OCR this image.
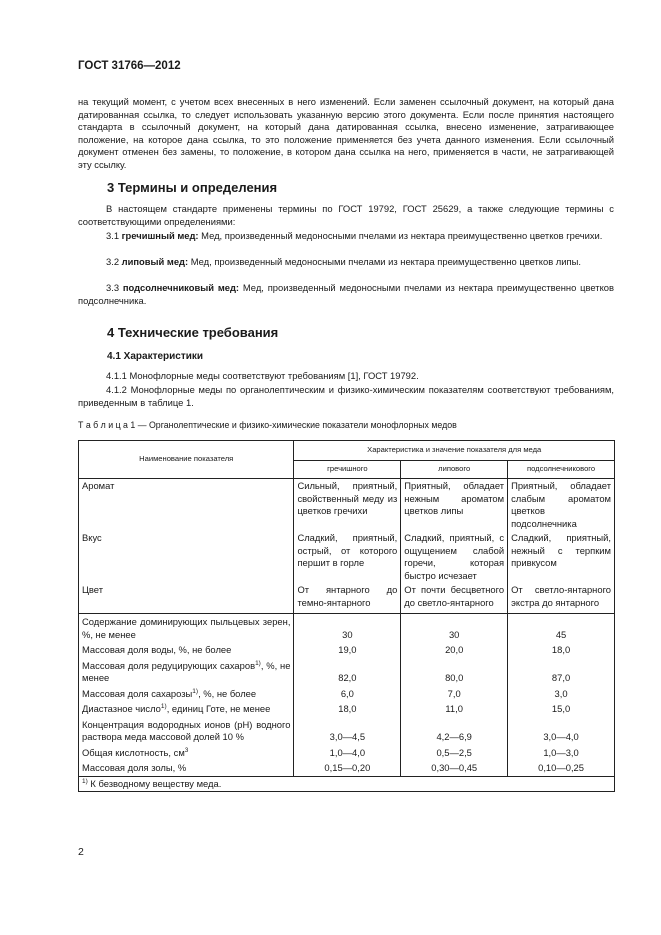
ГОСТ 31766—2012
на текущий момент, с учетом всех внесенных в него изменений. Если заменен ссылочный документ, на который дана датированная ссылка, то следует использовать указанную версию этого документа. Если после принятия настоящего стандарта в ссылочный документ, на который дана датированная ссылка, внесено изменение, затрагивающее положение, на которое дана ссылка, то это положение применяется без учета данного изменения. Если ссылочный документ отменен без замены, то положение, в котором дана ссылка на него, применяется в части, не затрагивающей эту ссылку.
3 Термины и определения
В настоящем стандарте применены термины по ГОСТ 19792, ГОСТ 25629, а также следующие термины с соответствующими определениями:
3.1 гречишный мед: Мед, произведенный медоносными пчелами из нектара преимущественно цветков гречихи.
3.2 липовый мед: Мед, произведенный медоносными пчелами из нектара преимущественно цветков липы.
3.3 подсолнечниковый мед: Мед, произведенный медоносными пчелами из нектара преимущественно цветков подсолнечника.
4 Технические требования
4.1 Характеристики
4.1.1 Монофлорные меды соответствуют требованиям [1], ГОСТ 19792.
4.1.2 Монофлорные меды по органолептическим и физико-химическим показателям соответствуют требованиям, приведенным в таблице 1.
Т а б л и ц а 1 — Органолептические и физико-химические показатели монофлорных медов
Наименование показателя	Характеристика и значение показателя для меда		
	гречишного	липового	подсолнечникового
Аромат	Сильный, приятный, свойственный меду из цветков гречихи	Приятный, обладает нежным ароматом цветков липы	Приятный, обладает слабым ароматом цветков подсолнечника
Вкус	Сладкий, приятный, острый, от которого першит в горле	Сладкий, приятный, с ощущением слабой горечи, которая быстро исчезает	Сладкий, приятный, нежный с терпким привкусом
Цвет	От янтарного до темно-янтарного	От почти бесцветного до светло-янтарного	От светло-янтарного экстра до янтарного
Содержание доминирующих пыльцевых зерен, %, не менее	30	30	45
Массовая доля воды, %, не более	19,0	20,0	18,0
Массовая доля редуцирующих сахаров$^{1)}$, %, не менее	82,0	80,0	87,0
Массовая доля сахарозы$^{1)}$, %, не более	6,0	7,0	3,0
Диастазное число$^{1)}$, единиц Готе, не менее	18,0	11,0	15,0
Концентрация водородных ионов (pH) водного раствора меда массовой долей 10 %	3,0—4,5	4,2—6,9	3,0—4,0
Общая кислотность, $см^3$	1,0—4,0	0,5—2,5	1,0—3,0
Массовая доля золы, %	0,15—0,20	0,30—0,45	0,10—0,25
$^{1)}$ К безводному веществу меда.			
2
